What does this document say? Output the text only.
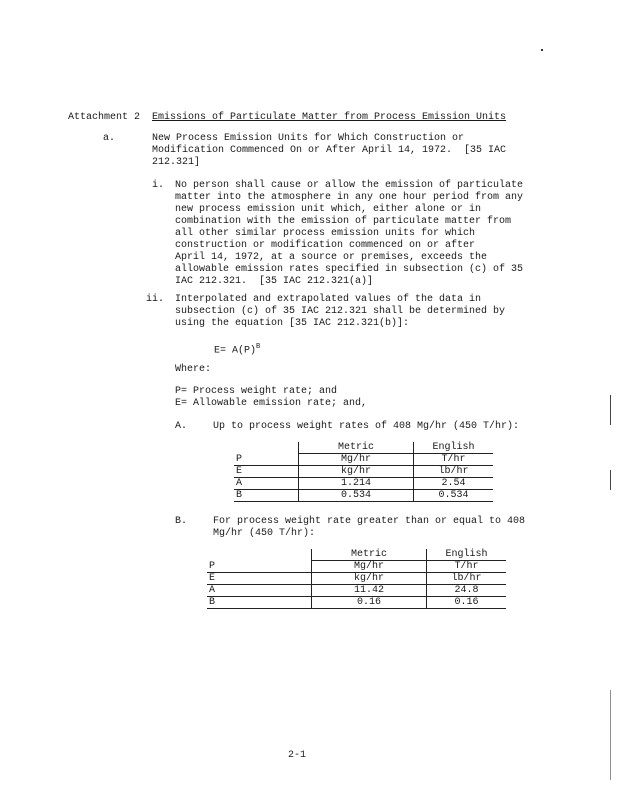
Attachment 2 Emissions of Particulate Matter from Process Emission Units
a.	New Process Emission Units for Which Construction or
Modification Commenced On or After April 14, 1972.  [35 IAC
212.321]
i. No person shall cause or allow the emission of particulate
matter into the atmosphere in any one hour period from any
new process emission unit which, either alone or in
combination with the emission of particulate matter from
all other similar process emission units for which
construction or modification commenced on or after
April 14, 1972, at a source or premises, exceeds the
allowable emission rates specified in subsection (c) of 35
IAC 212.321.  [35 IAC 212.321(a)]
ii. Interpolated and extrapolated values of the data in
subsection (c) of 35 IAC 212.321 shall be determined by
using the equation [35 IAC 212.321(b)]:
$E= A(P)^B$
Where:
P= Process weight rate; and
E= Allowable emission rate; and,
A.	Up to process weight rates of 408 Mg/hr (450 T/hr):
	Metric	English
P	Mg/hr	T/hr
E	kg/hr	lb/hr
A	1.214	2.54
B	0.534	0.534
B.	For process weight rate greater than or equal to 408
Mg/hr (450 T/hr):
	Metric	English
P	Mg/hr	T/hr
E	kg/hr	lb/hr
A	11.42	24.8
B	0.16	0.16
2-1
